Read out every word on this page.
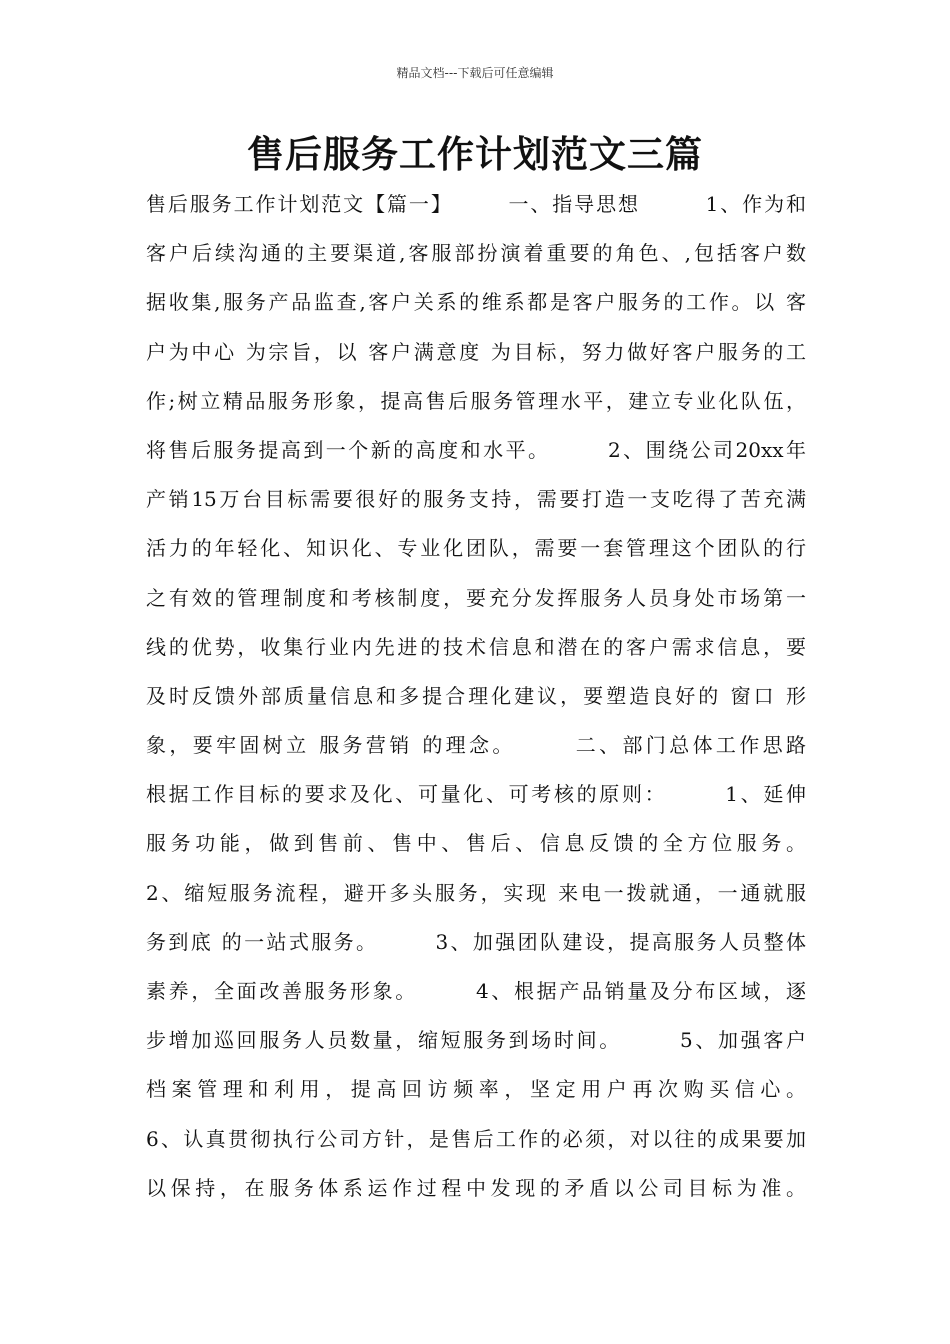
精品文档---下载后可任意编辑
售后服务工作计划范文三篇
售后服务工作计划范文【篇一】　　　一、指导思想　　　1、作为和
客户后续沟通的主要渠道,客服部扮演着重要的角色、,包括客户数
据收集,服务产品监查,客户关系的维系都是客户服务的工作。以 客
户为中心 为宗旨，以 客户满意度 为目标，努力做好客户服务的工
作;树立精品服务形象，提高售后服务管理水平，建立专业化队伍，
将售后服务提高到一个新的高度和水平。　　　2、围绕公司20xx年
产销15万台目标需要很好的服务支持，需要打造一支吃得了苦充满
活力的年轻化、知识化、专业化团队，需要一套管理这个团队的行
之有效的管理制度和考核制度，要充分发挥服务人员身处市场第一
线的优势，收集行业内先进的技术信息和潜在的客户需求信息，要
及时反馈外部质量信息和多提合理化建议，要塑造良好的 窗口 形
象，要牢固树立 服务营销 的理念。　　　二、部门总体工作思路
根据工作目标的要求及化、可量化、可考核的原则：　　　1、延伸
服务功能，做到售前、售中、售后、信息反馈的全方位服务。
2、缩短服务流程，避开多头服务，实现 来电一拨就通，一通就服
务到底 的一站式服务。　　　3、加强团队建设，提高服务人员整体
素养，全面改善服务形象。　　　4、根据产品销量及分布区域，逐
步增加巡回服务人员数量，缩短服务到场时间。　　　5、加强客户
档案管理和利用，提高回访频率，坚定用户再次购买信心。
6、认真贯彻执行公司方针，是售后工作的必须，对以往的成果要加
以保持，在服务体系运作过程中发现的矛盾以公司目标为准。
